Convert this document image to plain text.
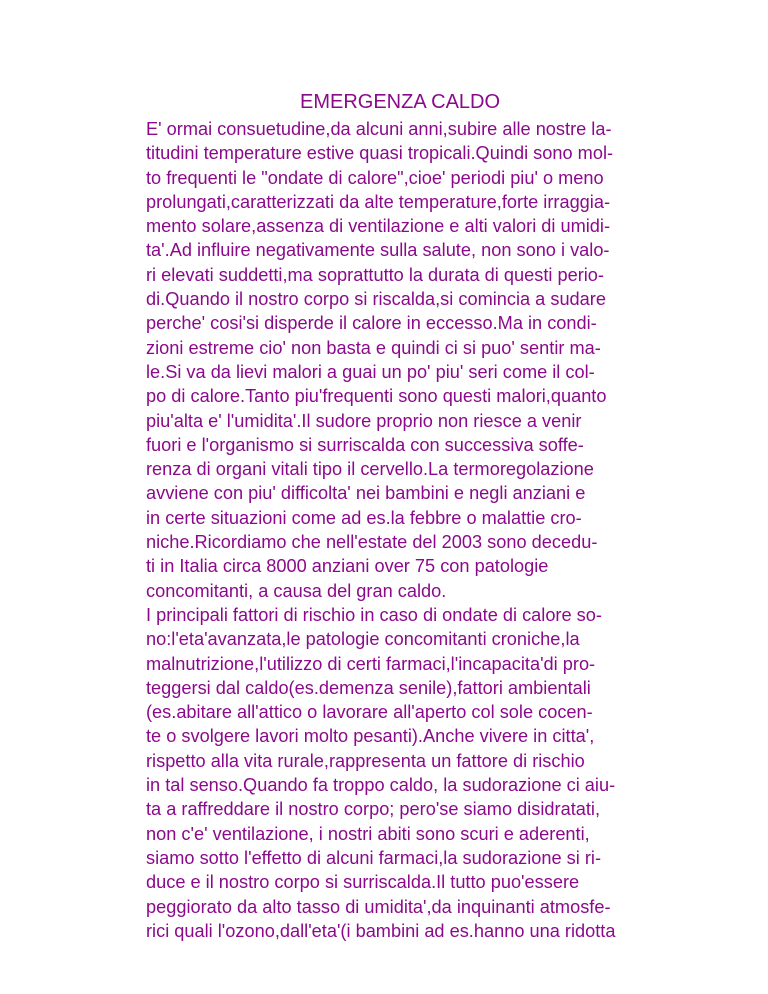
EMERGENZA CALDO
E' ormai consuetudine,da alcuni anni,subire alle nostre la-
titudini temperature estive quasi tropicali.Quindi sono mol-
to frequenti le "ondate di calore",cioe' periodi piu' o meno
prolungati,caratterizzati da alte temperature,forte irraggia-
mento solare,assenza di ventilazione e alti valori di umidi-
ta'.Ad influire negativamente sulla salute, non sono i valo-
ri elevati suddetti,ma soprattutto la durata di questi perio-
di.Quando il nostro corpo si riscalda,si comincia a sudare
perche' cosi'si disperde il calore in eccesso.Ma in condi-
zioni estreme cio' non basta e quindi ci si puo' sentir ma-
le.Si va da lievi malori a guai un po' piu' seri come il col-
po di calore.Tanto piu'frequenti sono questi malori,quanto
piu'alta e' l'umidita'.Il sudore proprio non riesce a venir
fuori e l'organismo si surriscalda con successiva soffe-
renza di organi vitali tipo il cervello.La termoregolazione
avviene con piu' difficolta' nei bambini e negli anziani e
in certe situazioni come ad es.la febbre o malattie cro-
niche.Ricordiamo che nell'estate del 2003 sono decedu-
ti in Italia circa 8000 anziani over 75 con patologie
concomitanti, a causa del gran caldo.
I principali fattori di rischio in caso di ondate di calore so-
no:l'eta'avanzata,le patologie concomitanti croniche,la
malnutrizione,l'utilizzo di certi farmaci,l'incapacita'di pro-
teggersi dal caldo(es.demenza senile),fattori ambientali
(es.abitare all'attico o lavorare all'aperto col sole cocen-
te o svolgere lavori molto pesanti).Anche vivere in citta',
rispetto alla vita rurale,rappresenta un fattore di rischio
in tal senso.Quando fa troppo caldo, la sudorazione ci aiu-
ta a raffreddare il nostro corpo; pero'se siamo disidratati,
non c'e' ventilazione, i nostri abiti sono scuri e aderenti,
siamo sotto l'effetto di alcuni farmaci,la sudorazione si ri-
duce e il nostro corpo si surriscalda.Il tutto puo'essere
peggiorato da alto tasso di umidita',da inquinanti atmosfe-
rici quali l'ozono,dall'eta'(i bambini ad es.hanno una ridotta
